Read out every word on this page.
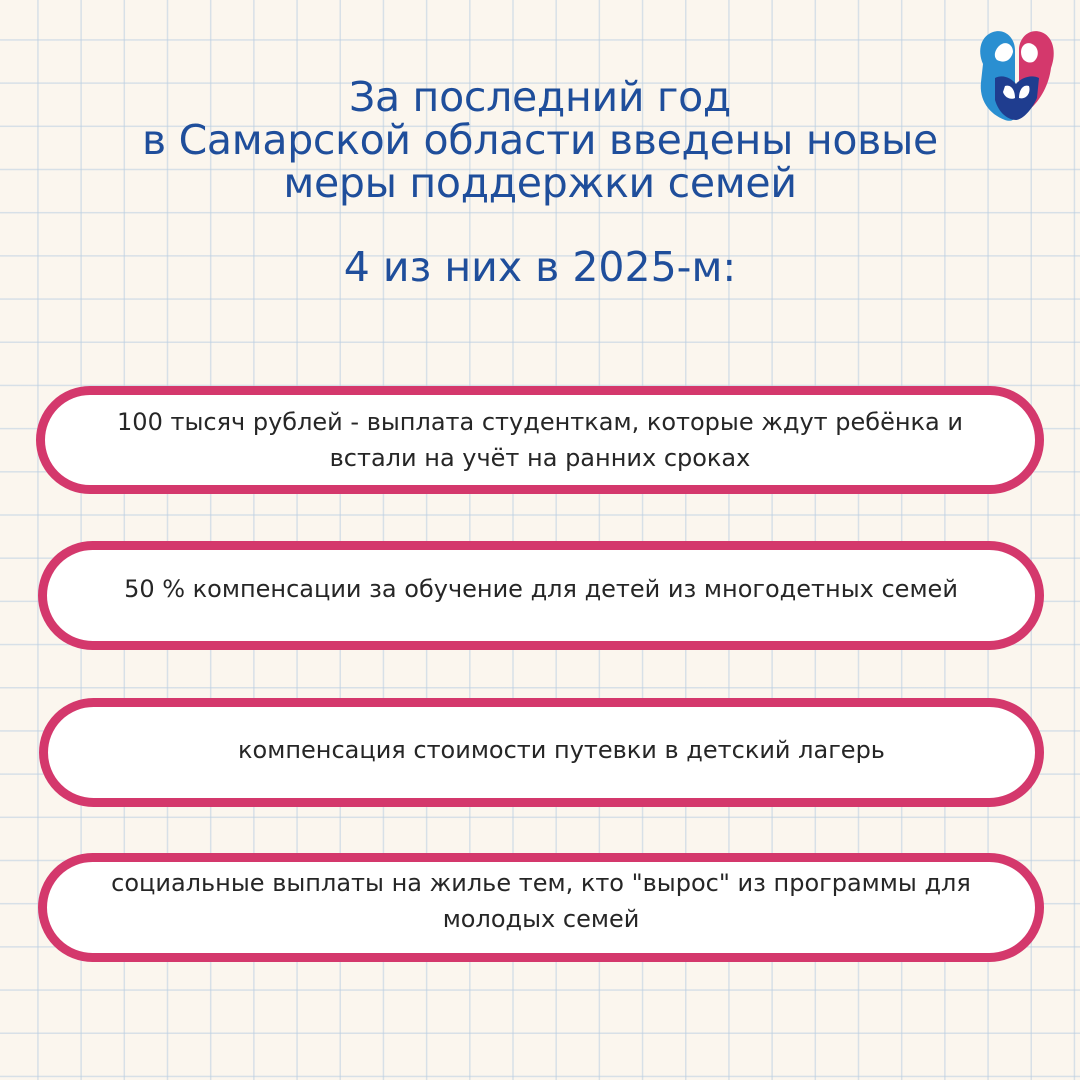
За последний год
в Самарской области введены новые
меры поддержки семей
4 из них в 2025-м:
100 тысяч рублей - выплата студенткам, которые ждут ребёнка и встали на учёт на ранних сроках
50 % компенсации за обучение для детей из многодетных семей
компенсация стоимости путевки в детский лагерь
социальные выплаты на жилье тем, кто "вырос" из программы для молодых семей
